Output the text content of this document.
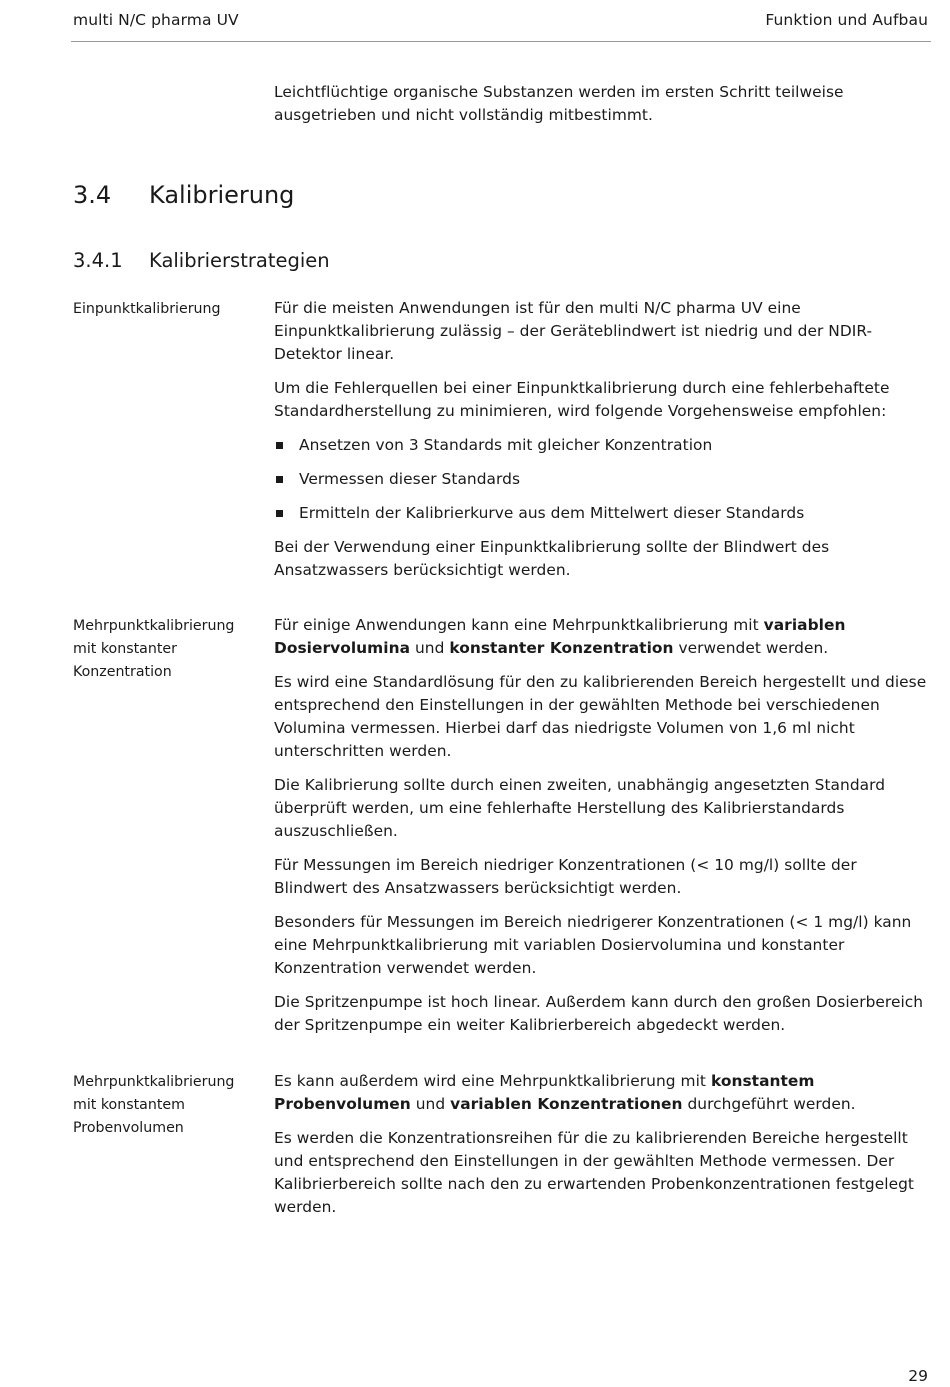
multi N/C pharma UV	Funktion und Aufbau

Leichtflüchtige organische Substanzen werden im ersten Schritt teilweise ausgetrieben und nicht vollständig mitbestimmt.

3.4 Kalibrierung
3.4.1 Kalibrierstrategien
Einpunktkalibrierung	Für die meisten Anwendungen ist für den multi N/C pharma UV eine Einpunktkalibrierung zulässig – der Geräteblindwert ist niedrig und der NDIR-Detektor linear.

Um die Fehlerquellen bei einer Einpunktkalibrierung durch eine fehlerbehaftete Standardherstellung zu minimieren, wird folgende Vorgehensweise empfohlen:

Ansetzen von 3 Standards mit gleicher Konzentration
Vermessen dieser Standards
Ermitteln der Kalibrierkurve aus dem Mittelwert dieser Standards

Bei der Verwendung einer Einpunktkalibrierung sollte der Blindwert des Ansatzwassers berücksichtigt werden.

Mehrpunktkalibrierung
mit konstanter
Konzentration

Für einige Anwendungen kann eine Mehrpunktkalibrierung mit variablen Dosiervolumina und konstanter Konzentration verwendet werden.

Es wird eine Standardlösung für den zu kalibrierenden Bereich hergestellt und diese entsprechend den Einstellungen in der gewählten Methode bei verschiedenen Volumina vermessen. Hierbei darf das niedrigste Volumen von 1,6 ml nicht unterschritten werden.

Die Kalibrierung sollte durch einen zweiten, unabhängig angesetzten Standard überprüft werden, um eine fehlerhafte Herstellung des Kalibrierstandards auszuschließen.

Für Messungen im Bereich niedriger Konzentrationen (< 10 mg/l) sollte der Blindwert des Ansatzwassers berücksichtigt werden.

Besonders für Messungen im Bereich niedrigerer Konzentrationen (< 1 mg/l) kann eine Mehrpunktkalibrierung mit variablen Dosiervolumina und konstanter Konzentration verwendet werden.

Die Spritzenpumpe ist hoch linear. Außerdem kann durch den großen Dosierbereich der Spritzenpumpe ein weiter Kalibrierbereich abgedeckt werden.

Mehrpunktkalibrierung
mit konstantem
Probenvolumen

Es kann außerdem wird eine Mehrpunktkalibrierung mit konstantem Probenvolumen und variablen Konzentrationen durchgeführt werden.

Es werden die Konzentrationsreihen für die zu kalibrierenden Bereiche hergestellt und entsprechend den Einstellungen in der gewählten Methode vermessen. Der Kalibrierbereich sollte nach den zu erwartenden Probenkonzentrationen festgelegt werden.

29
